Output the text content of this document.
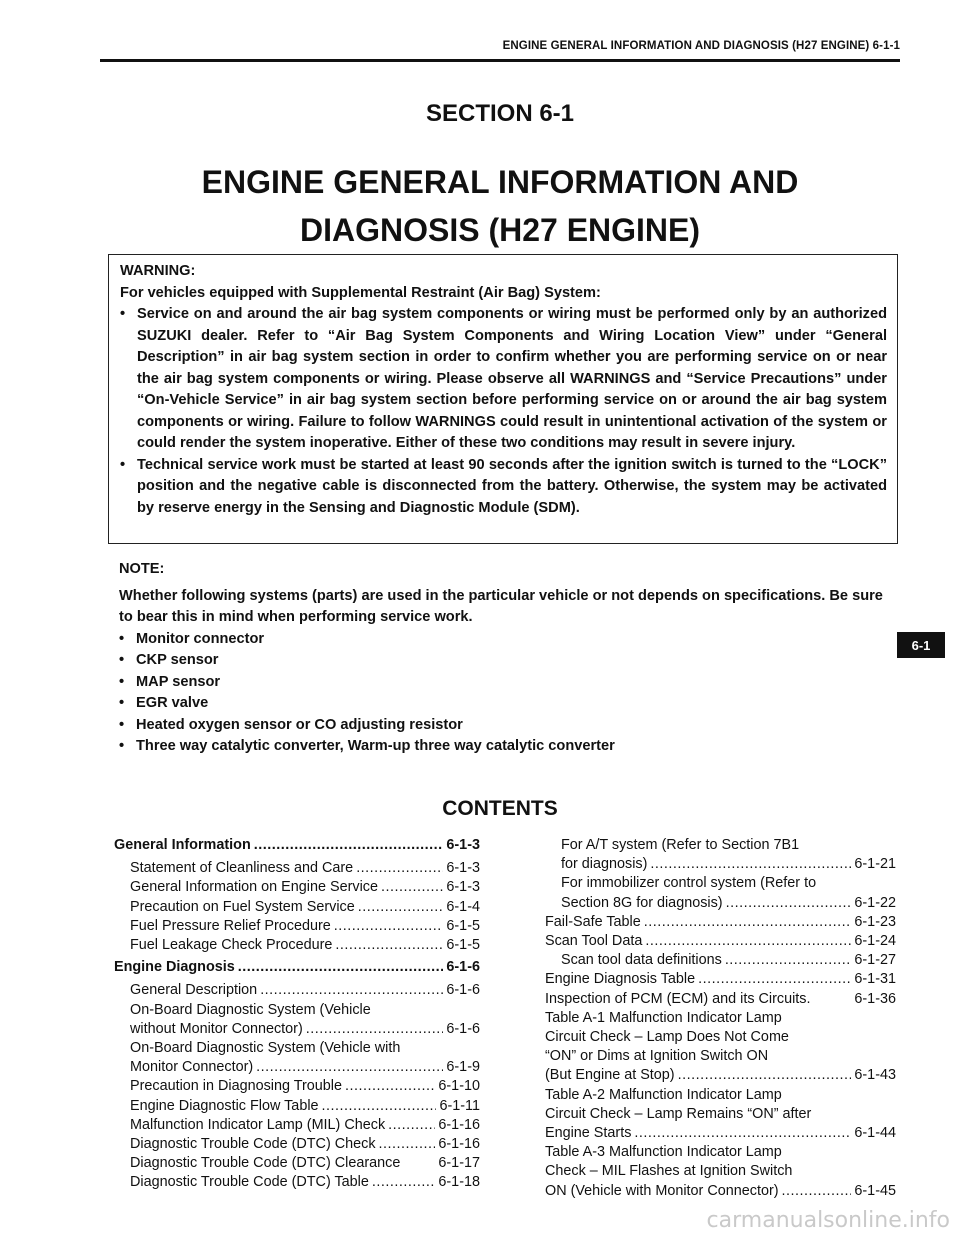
ENGINE GENERAL INFORMATION AND DIAGNOSIS (H27 ENGINE) 6-1-1
SECTION 6-1
ENGINE GENERAL INFORMATION AND
DIAGNOSIS (H27 ENGINE)
WARNING:
For vehicles equipped with Supplemental Restraint (Air Bag) System:
• Service on and around the air bag system components or wiring must be performed only by an authorized SUZUKI dealer. Refer to “Air Bag System Components and Wiring Location View” under “General Description” in air bag system section in order to confirm whether you are performing service on or near the air bag system components or wiring. Please observe all WARNINGS and “Service Precautions” under “On-Vehicle Service” in air bag system section before performing service on or around the air bag system components or wiring. Failure to follow WARNINGS could result in unintentional activation of the system or could render the system inoperative. Either of these two conditions may result in severe injury.
• Technical service work must be started at least 90 seconds after the ignition switch is turned to the “LOCK” position and the negative cable is disconnected from the battery. Otherwise, the system may be activated by reserve energy in the Sensing and Diagnostic Module (SDM).
NOTE:
Whether following systems (parts) are used in the particular vehicle or not depends on specifications. Be sure to bear this in mind when performing service work.
• Monitor connector
• CKP sensor
• MAP sensor
• EGR valve
• Heated oxygen sensor or CO adjusting resistor
• Three way catalytic converter, Warm-up three way catalytic converter
CONTENTS
General Information .....	6-1-3
Statement of Cleanliness and Care .....	6-1-3
General Information on Engine Service .....	6-1-3
Precaution on Fuel System Service .....	6-1-4
Fuel Pressure Relief Procedure .....	6-1-5
Fuel Leakage Check Procedure .....	6-1-5
Engine Diagnosis .....	6-1-6
General Description .....	6-1-6
On-Board Diagnostic System (Vehicle
without Monitor Connector) .....	6-1-6
On-Board Diagnostic System (Vehicle with
Monitor Connector) .....	6-1-9
Precaution in Diagnosing Trouble .....	6-1-10
Engine Diagnostic Flow Table .....	6-1-11
Malfunction Indicator Lamp (MIL) Check .....	6-1-16
Diagnostic Trouble Code (DTC) Check .....	6-1-16
Diagnostic Trouble Code (DTC) Clearance	6-1-17
Diagnostic Trouble Code (DTC) Table .....	6-1-18
For A/T system (Refer to Section 7B1
for diagnosis) .....	6-1-21
For immobilizer control system (Refer to
Section 8G for diagnosis) .....	6-1-22
Fail-Safe Table .....	6-1-23
Scan Tool Data .....	6-1-24
Scan tool data definitions .....	6-1-27
Engine Diagnosis Table .....	6-1-31
Inspection of PCM (ECM) and its Circuits.	6-1-36
Table A-1 Malfunction Indicator Lamp
Circuit Check – Lamp Does Not Come
“ON” or Dims at Ignition Switch ON
(But Engine at Stop) .....	6-1-43
Table A-2 Malfunction Indicator Lamp
Circuit Check – Lamp Remains “ON” after
Engine Starts .....	6-1-44
Table A-3 Malfunction Indicator Lamp
Check – MIL Flashes at Ignition Switch
ON (Vehicle with Monitor Connector) .....	6-1-45
6-1
carmanualsonline.info
